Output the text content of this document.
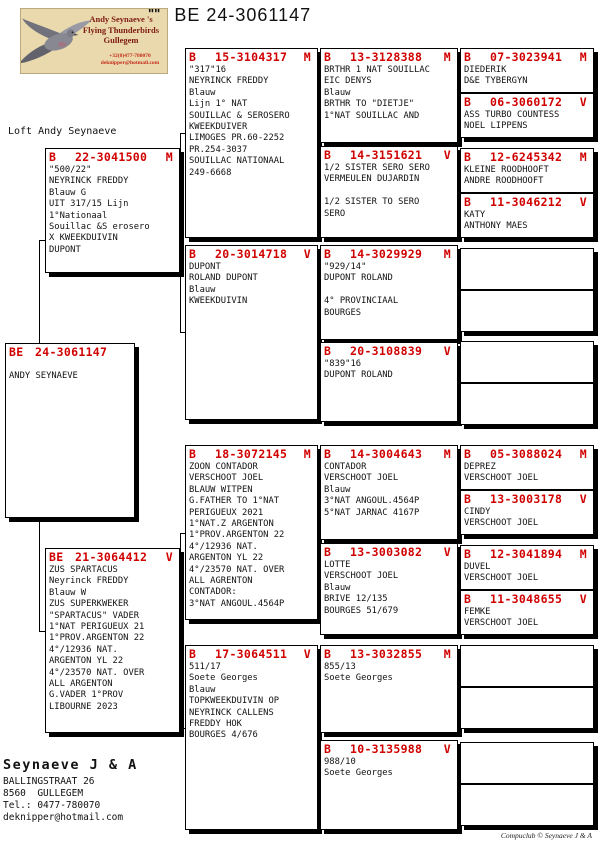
Andy Seynaeve 's
Flying Thunderbirds
Gullegem
+32(0)477-780070
deknipper@hotmail.com
"" BE 24-3061147
Loft Andy Seynaeve
BE	24-3061147

ANDY SEYNAEVE
B	22-3041500 M
"500/22"
NEYRINCK FREDDY
Blauw G
UIT 317/15 Lijn
1°Nationaal
Souillac &S erosero
X KWEEKDUIVIN
DUPONT
BE	21-3064412 V
ZUS SPARTACUS
Neyrinck FREDDY
Blauw W
ZUS SUPERKWEKER
"SPARTACUS" VADER
1°NAT PERIGUEUX 21
1°PROV.ARGENTON 22
4°/12936 NAT.
ARGENTON YL 22
4°/23570 NAT. OVER
ALL ARGENTON
G.VADER 1°PROV
LIBOURNE 2023
B	15-3104317 M
"317"16
NEYRINCK FREDDY
Blauw
Lijn 1° NAT
SOUILLAC & SEROSERO
KWEEKDUIVER
LIMOGES PR.60-2252
PR.254-3037
SOUILLAC NATIONAAL
249-6668
B	20-3014718 V
DUPONT
ROLAND DUPONT
Blauw
KWEEKDUIVIN
B	18-3072145 M
ZOON CONTADOR
VERSCHOOT JOEL
BLAUW WITPEN
G.FATHER TO 1°NAT
PERIGUEUX 2021
1°NAT.Z ARGENTON
1°PROV.ARGENTON 22
4°/12936 NAT.
ARGENTON YL 22
4°/23570 NAT. OVER
ALL AGRENTON
CONTADOR:
3°NAT ANGOUL.4564P
B	17-3064511 V
511/17
Soete Georges
Blauw
TOPKWEEKDUIVIN OP
NEYRINCK CALLENS
FREDDY HOK
BOURGES 4/676
B	13-3128388 M
BRTHR 1 NAT SOUILLAC
EIC DENYS
Blauw
BRTHR TO "DIETJE"
1°NAT SOUILLAC AND
B	14-3151621 V
1/2 SISTER SERO SERO
VERMEULEN DUJARDIN

1/2 SISTER TO SERO
SERO
B	14-3029929 M
"929/14"
DUPONT ROLAND

4° PROVINCIAAL
BOURGES
B	20-3108839 V
"839"16
DUPONT ROLAND
B	14-3004643 M
CONTADOR
VERSCHOOT JOEL
Blauw
3°NAT ANGOUL.4564P
5°NAT JARNAC 4167P
B	13-3003082 V
LOTTE
VERSCHOOT JOEL
Blauw
BRIVE 12/135
BOURGES 51/679
B	13-3032855 M
855/13
Soete Georges
B	10-3135988 V
988/10
Soete Georges
B	07-3023941 M
DIEDERIK
D&E TYBERGYN
B	06-3060172 V
ASS TURBO COUNTESS
NOEL LIPPENS
B	12-6245342 M
KLEINE ROODHOOFT
ANDRE ROODHOOFT
B	11-3046212 V
KATY
ANTHONY MAES
B	05-3088024 M
DEPREZ
VERSCHOOT JOEL
B	13-3003178 V
CINDY
VERSCHOOT JOEL
B	12-3041894 M
DUVEL
VERSCHOOT JOEL
B	11-3048655 V
FEMKE
VERSCHOOT JOEL
Seynaeve J & A
BALLINGSTRAAT 26
8560  GULLEGEM
Tel.: 0477-780070
deknipper@hotmail.com
Compuclub © Seynaeve J & A
